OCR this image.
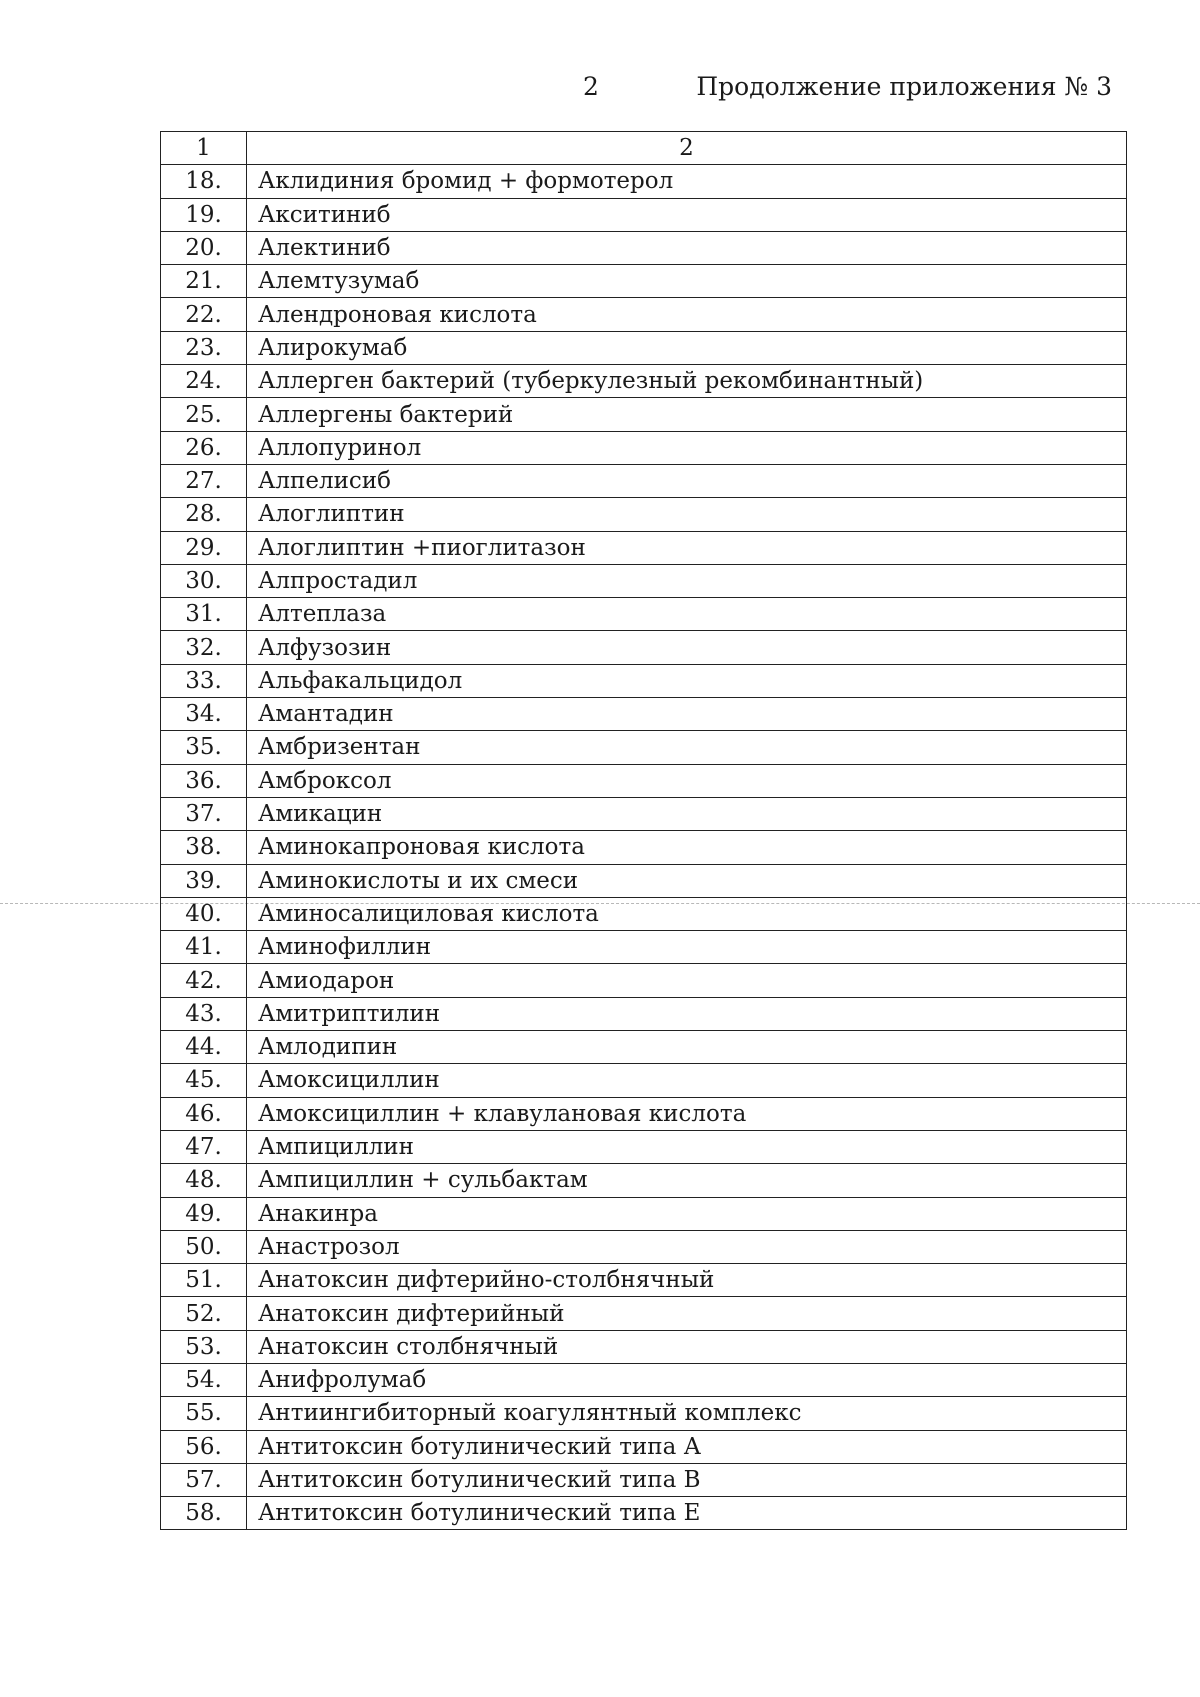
2	Продолжение приложения № 3
1	2
18.	Аклидиния бромид + формотерол
19.	Акситиниб
20.	Алектиниб
21.	Алемтузумаб
22.	Алендроновая кислота
23.	Алирокумаб
24.	Аллерген бактерий (туберкулезный рекомбинантный)
25.	Аллергены бактерий
26.	Аллопуринол
27.	Алпелисиб
28.	Алоглиптин
29.	Алоглиптин +пиоглитазон
30.	Алпростадил
31.	Алтеплаза
32.	Алфузозин
33.	Альфакальцидол
34.	Амантадин
35.	Амбризентан
36.	Амброксол
37.	Амикацин
38.	Аминокапроновая кислота
39.	Аминокислоты и их смеси
40.	Аминосалициловая кислота
41.	Аминофиллин
42.	Амиодарон
43.	Амитриптилин
44.	Амлодипин
45.	Амоксициллин
46.	Амоксициллин + клавулановая кислота
47.	Ампициллин
48.	Ампициллин + сульбактам
49.	Анакинра
50.	Анастрозол
51.	Анатоксин дифтерийно-столбнячный
52.	Анатоксин дифтерийный
53.	Анатоксин столбнячный
54.	Анифролумаб
55.	Антиингибиторный коагулянтный комплекс
56.	Антитоксин ботулинический типа А
57.	Антитоксин ботулинический типа В
58.	Антитоксин ботулинический типа Е
